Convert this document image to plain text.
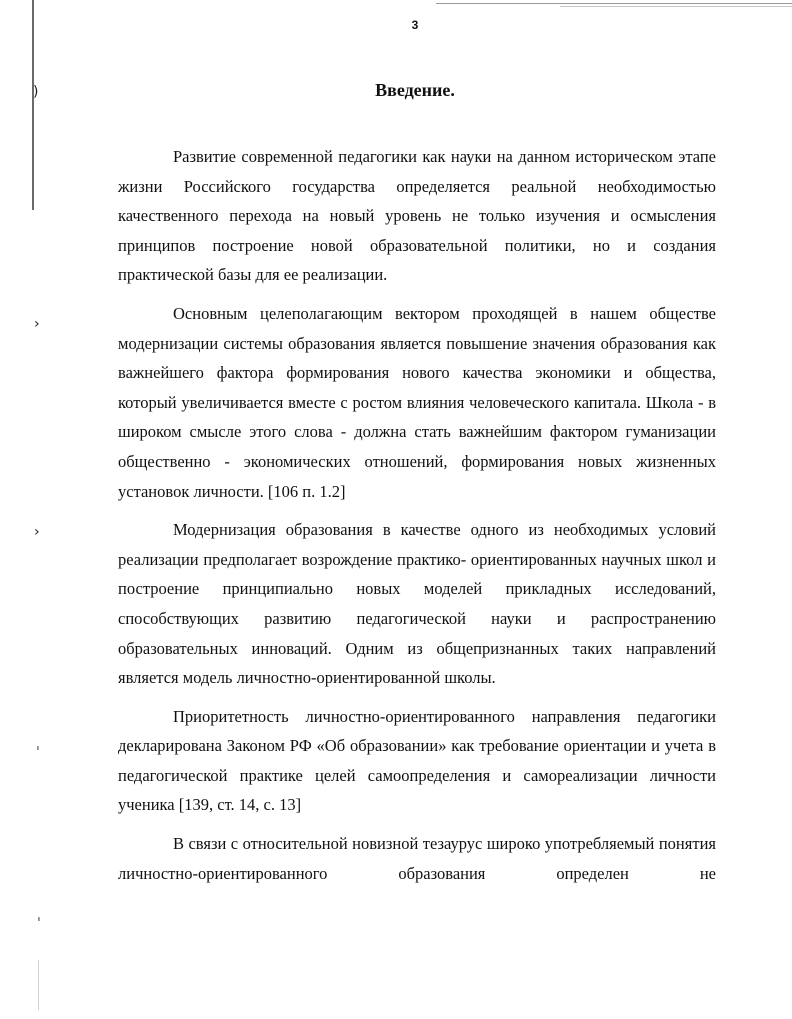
)
›
›
ˌ
ˈ
3
Введение.

Развитие современной педагогики как науки на данном историческом этапе жизни Российского государства определяется реальной необходимостью качественного перехода на новый уровень не только изучения и осмысления принципов построение новой образовательной политики, но и создания практической базы для ее реализации.

Основным целеполагающим вектором проходящей в нашем обществе модернизации системы образования является повышение значения образования как важнейшего фактора формирования нового качества экономики и общества, который увеличивается вместе с ростом влияния человеческого капитала. Школа - в широком смысле этого слова - должна стать важнейшим фактором гуманизации общественно - экономических отношений, формирования новых жизненных установок личности. [106 п. 1.2]

Модернизация образования в качестве одного из необходимых условий реализации предполагает возрождение практико- ориентированных научных школ и построение принципиально новых моделей прикладных исследований, способствующих развитию педагогической науки и распространению образовательных инноваций. Одним из общепризнанных таких направлений является модель личностно-ориентированной школы.

Приоритетность личностно-ориентированного направления педагогики декларирована Законом РФ «Об образовании» как требование ориентации и учета в педагогической практике целей самоопределения и самореализации личности ученика [139, ст. 14, с. 13]

В связи с относительной новизной тезаурус широко употребляемый понятия личностно-ориентированного образования определен не
